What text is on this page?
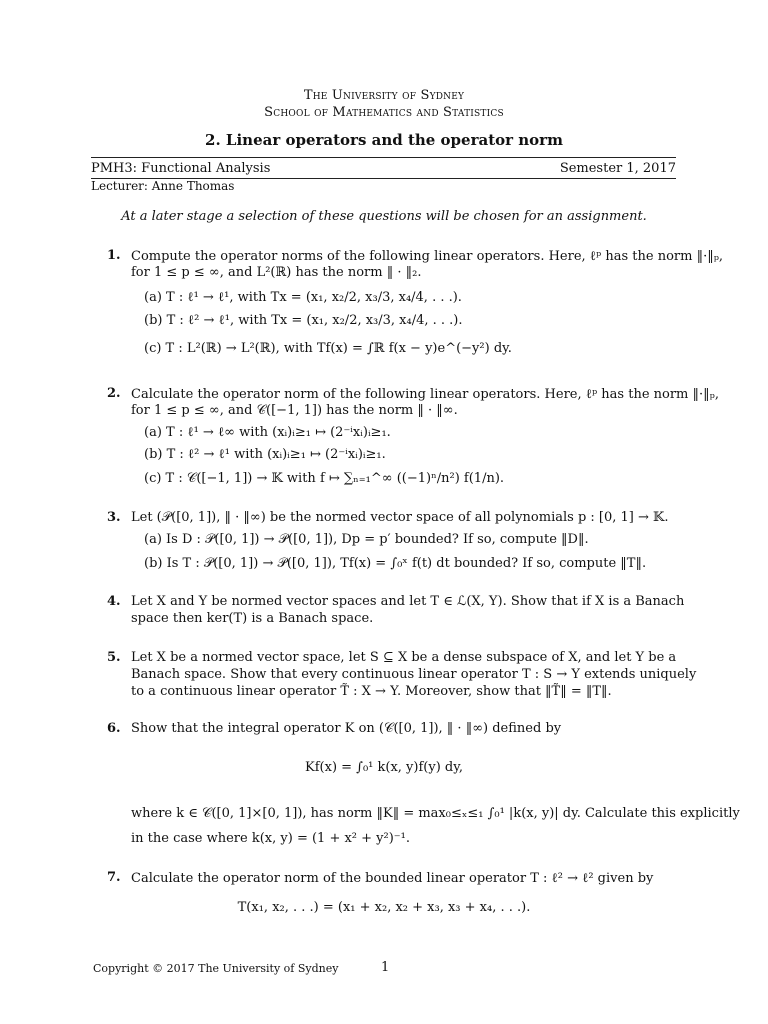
The University of Sydney
School of Mathematics and Statistics
2. Linear operators and the operator norm
PMH3: Functional Analysis	Semester 1, 2017
Lecturer: Anne Thomas
At a later stage a selection of these questions will be chosen for an assignment.
1. Compute the operator norms of the following linear operators. Here, ℓᵖ has the norm ‖·‖ₚ,
for 1 ≤ p ≤ ∞, and L²(ℝ) has the norm ‖ · ‖₂.
(a) T : ℓ¹ → ℓ¹, with Tx = (x₁, x₂/2, x₃/3, x₄/4, . . .).
(b) T : ℓ² → ℓ¹, with Tx = (x₁, x₂/2, x₃/3, x₄/4, . . .).
(c) T : L²(ℝ) → L²(ℝ), with Tf(x) = ∫ℝ f(x − y)e^(−y²) dy.
2. Calculate the operator norm of the following linear operators. Here, ℓᵖ has the norm ‖·‖ₚ,
for 1 ≤ p ≤ ∞, and 𝒞([−1, 1]) has the norm ‖ · ‖∞.
(a) T : ℓ¹ → ℓ∞ with (xᵢ)ᵢ≥₁ ↦ (2⁻ⁱxᵢ)ᵢ≥₁.
(b) T : ℓ² → ℓ¹ with (xᵢ)ᵢ≥₁ ↦ (2⁻ⁱxᵢ)ᵢ≥₁.
(c) T : 𝒞([−1, 1]) → 𝕂 with f ↦ ∑ₙ₌₁^∞ ((−1)ⁿ/n²) f(1/n).
3. Let (𝒫([0, 1]), ‖ · ‖∞) be the normed vector space of all polynomials p : [0, 1] → 𝕂.
(a) Is D : 𝒫([0, 1]) → 𝒫([0, 1]), Dp = p′ bounded? If so, compute ‖D‖.
(b) Is T : 𝒫([0, 1]) → 𝒫([0, 1]), Tf(x) = ∫₀ˣ f(t) dt bounded? If so, compute ‖T‖.
4. Let X and Y be normed vector spaces and let T ∈ ℒ(X, Y). Show that if X is a Banach
space then ker(T) is a Banach space.
5. Let X be a normed vector space, let S ⊆ X be a dense subspace of X, and let Y be a
Banach space. Show that every continuous linear operator T : S → Y extends uniquely
to a continuous linear operator T̃ : X → Y. Moreover, show that ‖T̃‖ = ‖T‖.
6. Show that the integral operator K on (𝒞([0, 1]), ‖ · ‖∞) defined by
Kf(x) = ∫₀¹ k(x, y)f(y) dy,
where k ∈ 𝒞([0, 1]×[0, 1]), has norm ‖K‖ = max₀≤ₓ≤₁ ∫₀¹ |k(x, y)| dy. Calculate this explicitly
in the case where k(x, y) = (1 + x² + y²)⁻¹.
7. Calculate the operator norm of the bounded linear operator T : ℓ² → ℓ² given by
T(x₁, x₂, . . .) = (x₁ + x₂, x₂ + x₃, x₃ + x₄, . . .).
Copyright © 2017 The University of Sydney	1
